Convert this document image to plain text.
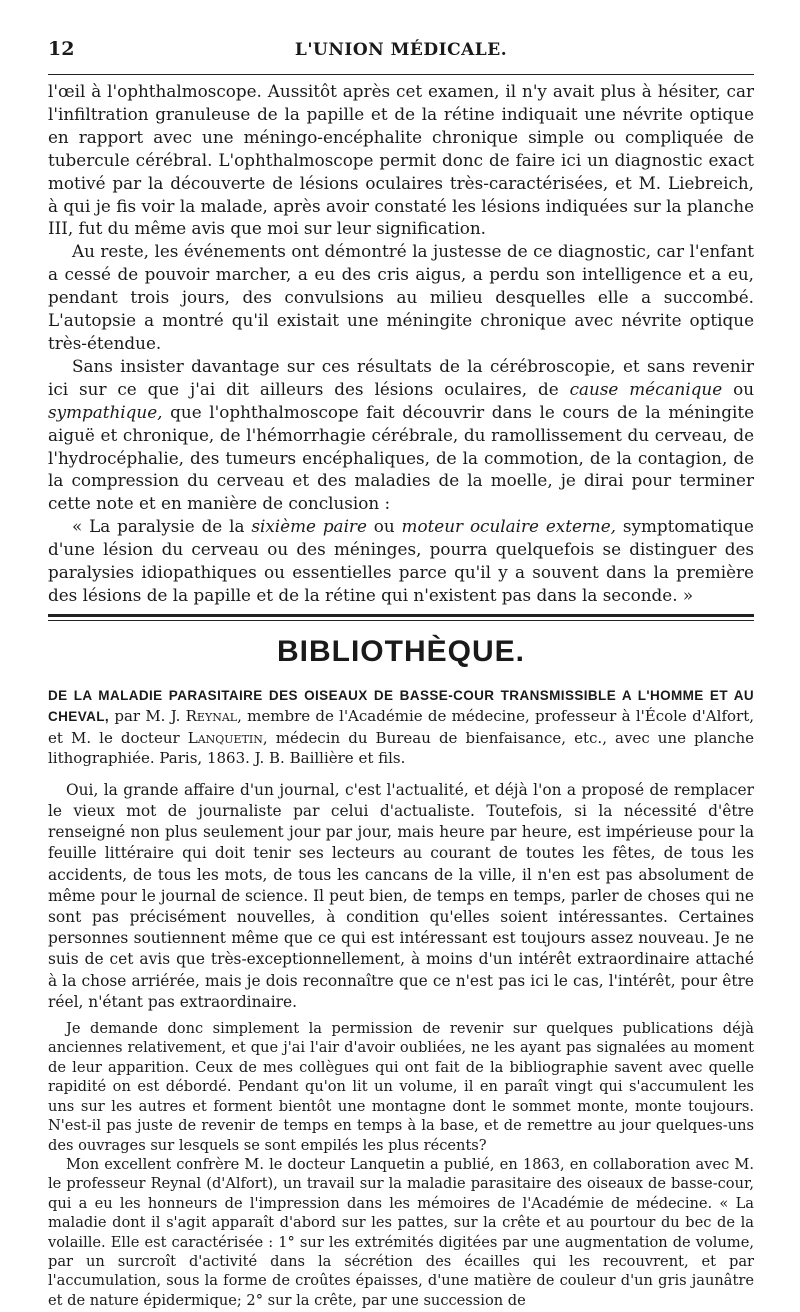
12	L'UNION MÉDICALE.

l'œil à l'ophthalmoscope. Aussitôt après cet examen, il n'y avait plus à hésiter, car l'infiltration granuleuse de la papille et de la rétine indiquait une névrite optique en rapport avec une méningo-encéphalite chronique simple ou compliquée de tubercule cérébral. L'ophthalmoscope permit donc de faire ici un diagnostic exact motivé par la découverte de lésions oculaires très-caractérisées, et M. Liebreich, à qui je fis voir la malade, après avoir constaté les lésions indiquées sur la planche III, fut du même avis que moi sur leur signification.

Au reste, les événements ont démontré la justesse de ce diagnostic, car l'enfant a cessé de pouvoir marcher, a eu des cris aigus, a perdu son intelligence et a eu, pendant trois jours, des convulsions au milieu desquelles elle a succombé. L'autopsie a montré qu'il existait une méningite chronique avec névrite optique très-étendue.

Sans insister davantage sur ces résultats de la cérébroscopie, et sans revenir ici sur ce que j'ai dit ailleurs des lésions oculaires, de cause mécanique ou sympathique, que l'ophthalmoscope fait découvrir dans le cours de la méningite aiguë et chronique, de l'hémorrhagie cérébrale, du ramollissement du cerveau, de l'hydrocéphalie, des tumeurs encéphaliques, de la commotion, de la contagion, de la compression du cerveau et des maladies de la moelle, je dirai pour terminer cette note et en manière de conclusion :

« La paralysie de la sixième paire ou moteur oculaire externe, symptomatique d'une lésion du cerveau ou des méninges, pourra quelquefois se distinguer des paralysies idiopathiques ou essentielles parce qu'il y a souvent dans la première des lésions de la papille et de la rétine qui n'existent pas dans la seconde. »

BIBLIOTHÈQUE.
DE LA MALADIE PARASITAIRE DES OISEAUX DE BASSE-COUR TRANSMISSIBLE A L'HOMME ET AU CHEVAL, par M. J. Reynal, membre de l'Académie de médecine, professeur à l'École d'Alfort, et M. le docteur Lanquetin, médecin du Bureau de bienfaisance, etc., avec une planche lithographiée. Paris, 1863. J. B. Baillière et fils.

Oui, la grande affaire d'un journal, c'est l'actualité, et déjà l'on a proposé de remplacer le vieux mot de journaliste par celui d'actualiste. Toutefois, si la nécessité d'être renseigné non plus seulement jour par jour, mais heure par heure, est impérieuse pour la feuille littéraire qui doit tenir ses lecteurs au courant de toutes les fêtes, de tous les accidents, de tous les mots, de tous les cancans de la ville, il n'en est pas absolument de même pour le journal de science. Il peut bien, de temps en temps, parler de choses qui ne sont pas précisément nouvelles, à condition qu'elles soient intéressantes. Certaines personnes soutiennent même que ce qui est intéressant est toujours assez nouveau. Je ne suis de cet avis que très-exceptionnellement, à moins d'un intérêt extraordinaire attaché à la chose arriérée, mais je dois reconnaître que ce n'est pas ici le cas, l'intérêt, pour être réel, n'étant pas extraordinaire.

Je demande donc simplement la permission de revenir sur quelques publications déjà anciennes relativement, et que j'ai l'air d'avoir oubliées, ne les ayant pas signalées au moment de leur apparition. Ceux de mes collègues qui ont fait de la bibliographie savent avec quelle rapidité on est débordé. Pendant qu'on lit un volume, il en paraît vingt qui s'accumulent les uns sur les autres et forment bientôt une montagne dont le sommet monte, monte toujours. N'est-il pas juste de revenir de temps en temps à la base, et de remettre au jour quelques-uns des ouvrages sur lesquels se sont empilés les plus récents?

Mon excellent confrère M. le docteur Lanquetin a publié, en 1863, en collaboration avec M. le professeur Reynal (d'Alfort), un travail sur la maladie parasitaire des oiseaux de basse-cour, qui a eu les honneurs de l'impression dans les mémoires de l'Académie de médecine. « La maladie dont il s'agit apparaît d'abord sur les pattes, sur la crête et au pourtour du bec de la volaille. Elle est caractérisée : 1° sur les extrémités digitées par une augmentation de volume, par un surcroît d'activité dans la sécrétion des écailles qui les recouvrent, et par l'accumulation, sous la forme de croûtes épaisses, d'une matière de couleur d'un gris jaunâtre et de nature épidermique; 2° sur la crête, par une succession de
